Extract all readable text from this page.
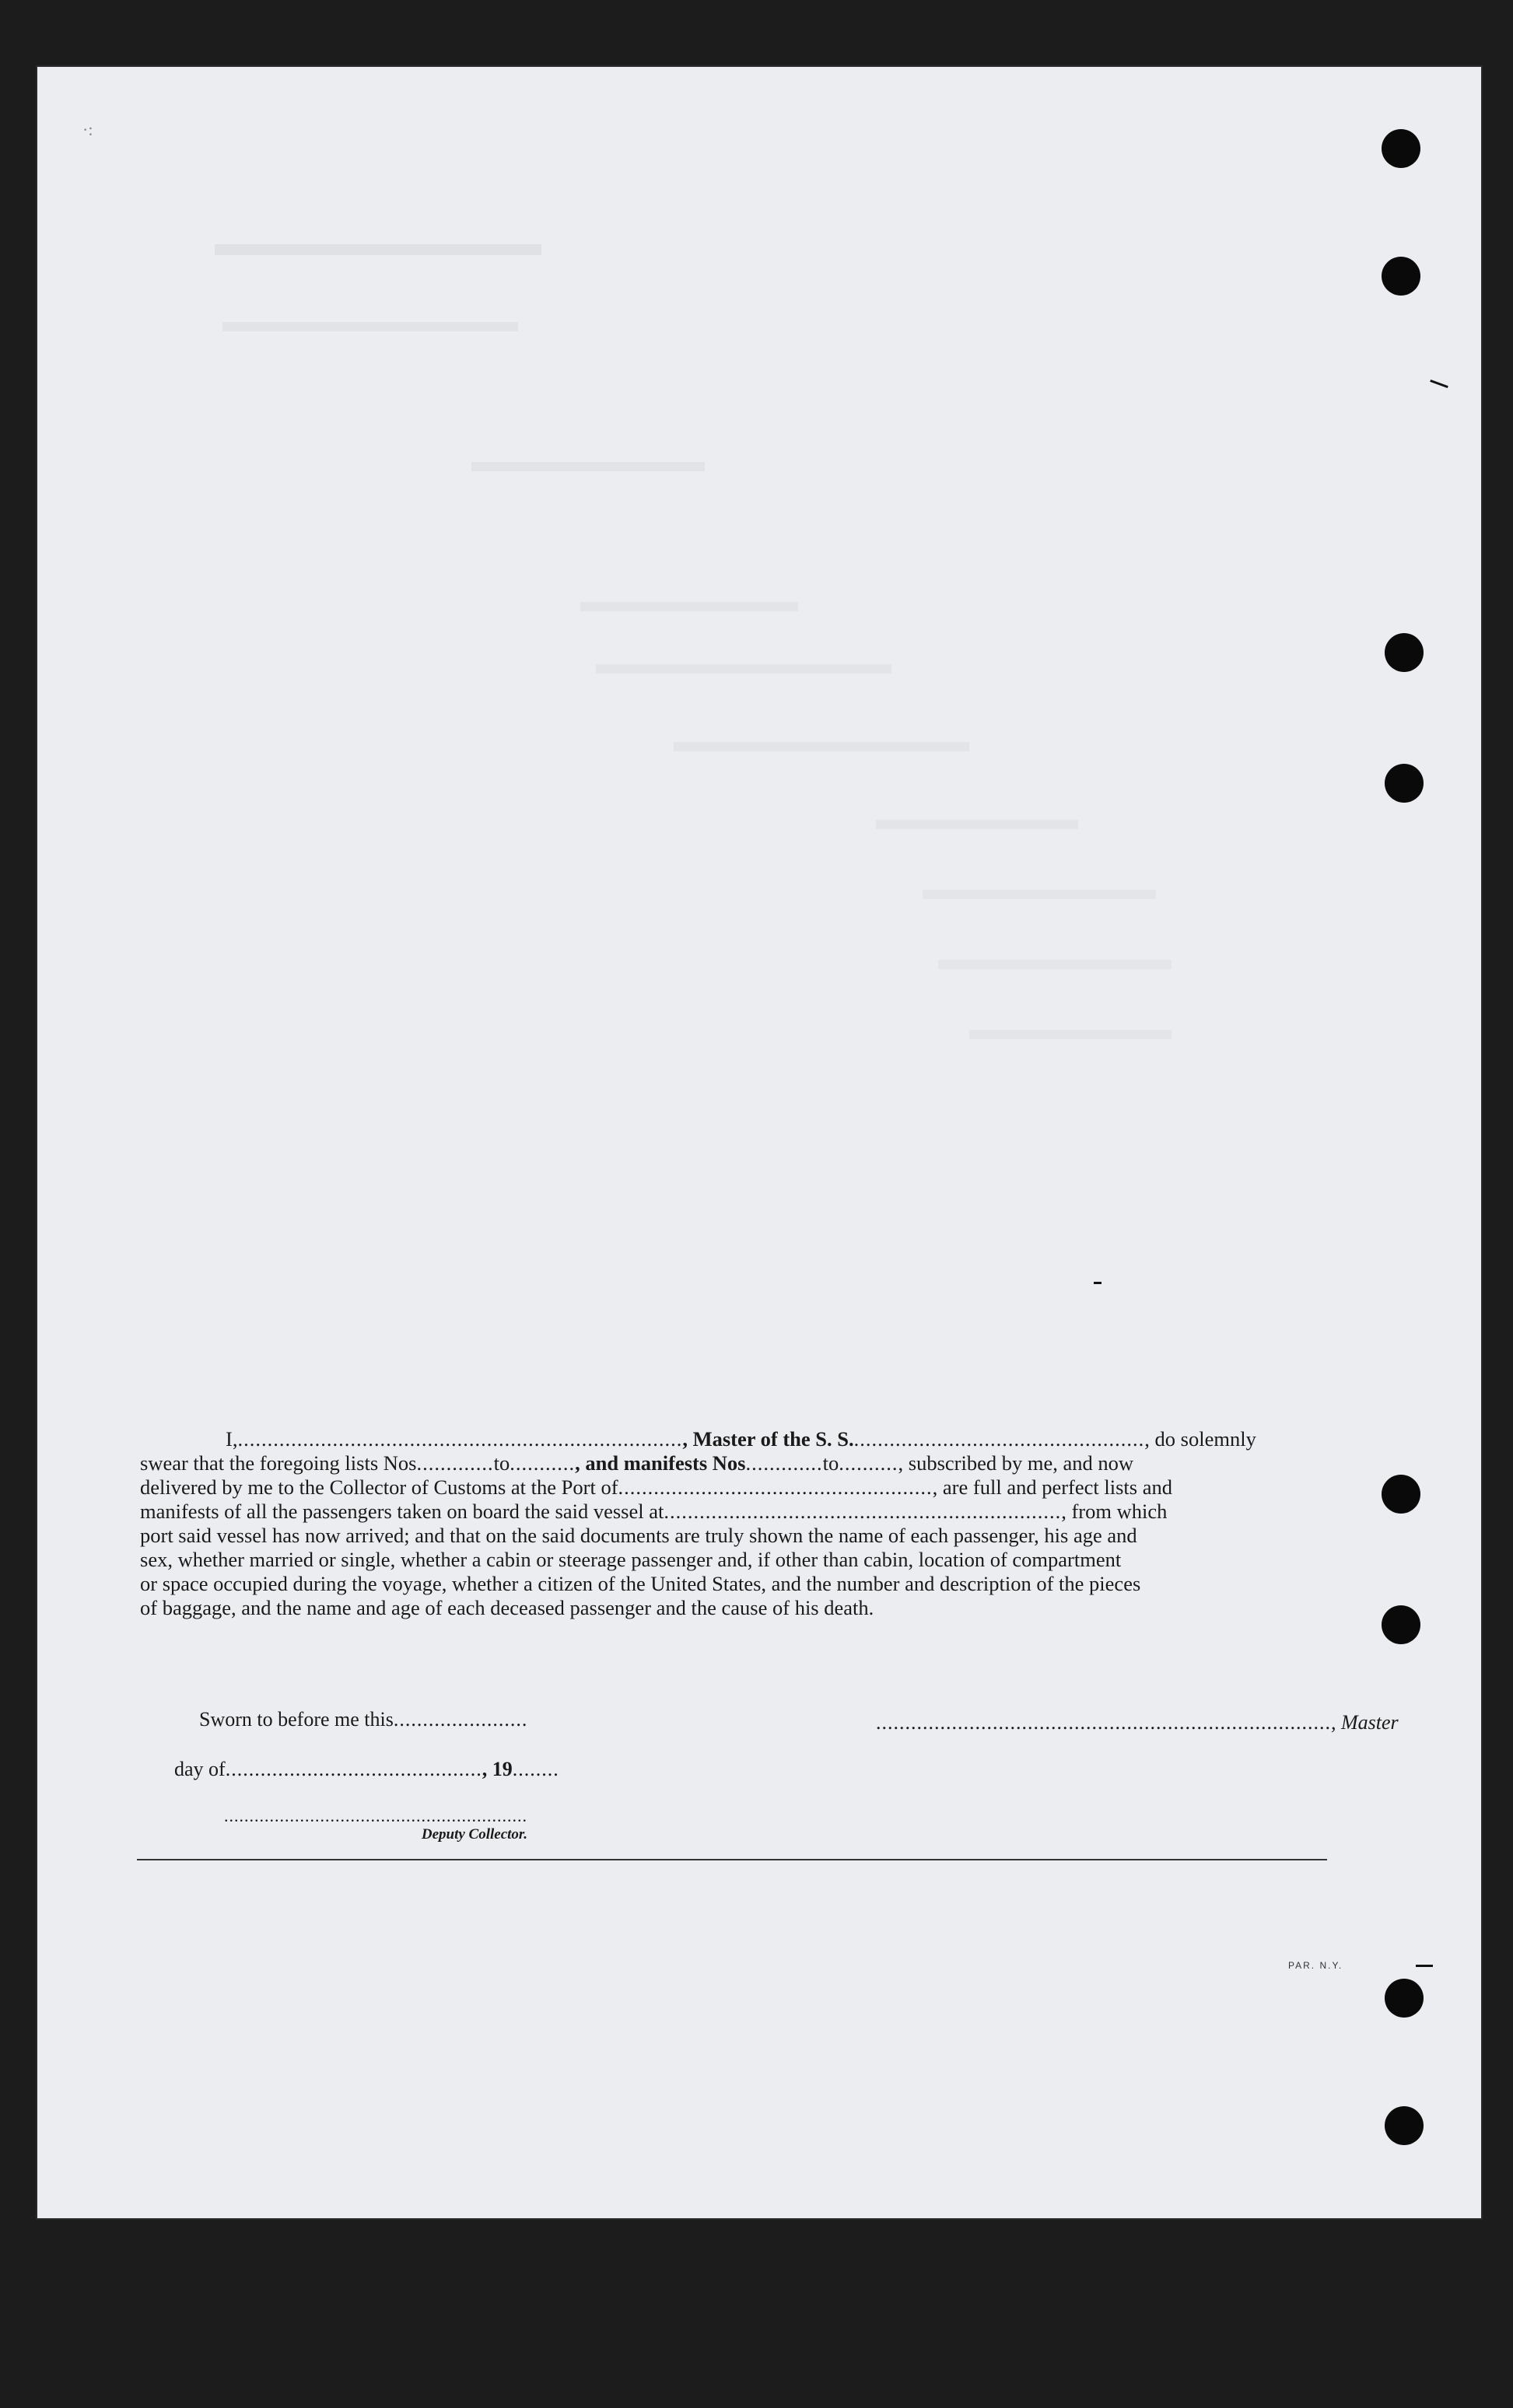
·:
I,..........................................................................., Master of the S. S.................................................., do solemnly
swear that the foregoing lists Nos.............to..........., and manifests Nos.............to.........., subscribed by me, and now
delivered by me to the Collector of Customs at the Port of....................................................., are full and perfect lists and
manifests of all the passengers taken on board the said vessel at..................................................................., from which
port said vessel has now arrived; and that on the said documents are truly shown the name of each passenger, his age and
sex, whether married or single, whether a cabin or steerage passenger and, if other than cabin, location of compartment
or space occupied during the voyage, whether a citizen of the United States, and the number and description of the pieces
of baggage, and the name and age of each deceased passenger and the cause of his death.
Sworn to before me this.......................	.............................................................................., Master
day of............................................, 19........
............................................................
Deputy Collector.
PAR. N.Y.
